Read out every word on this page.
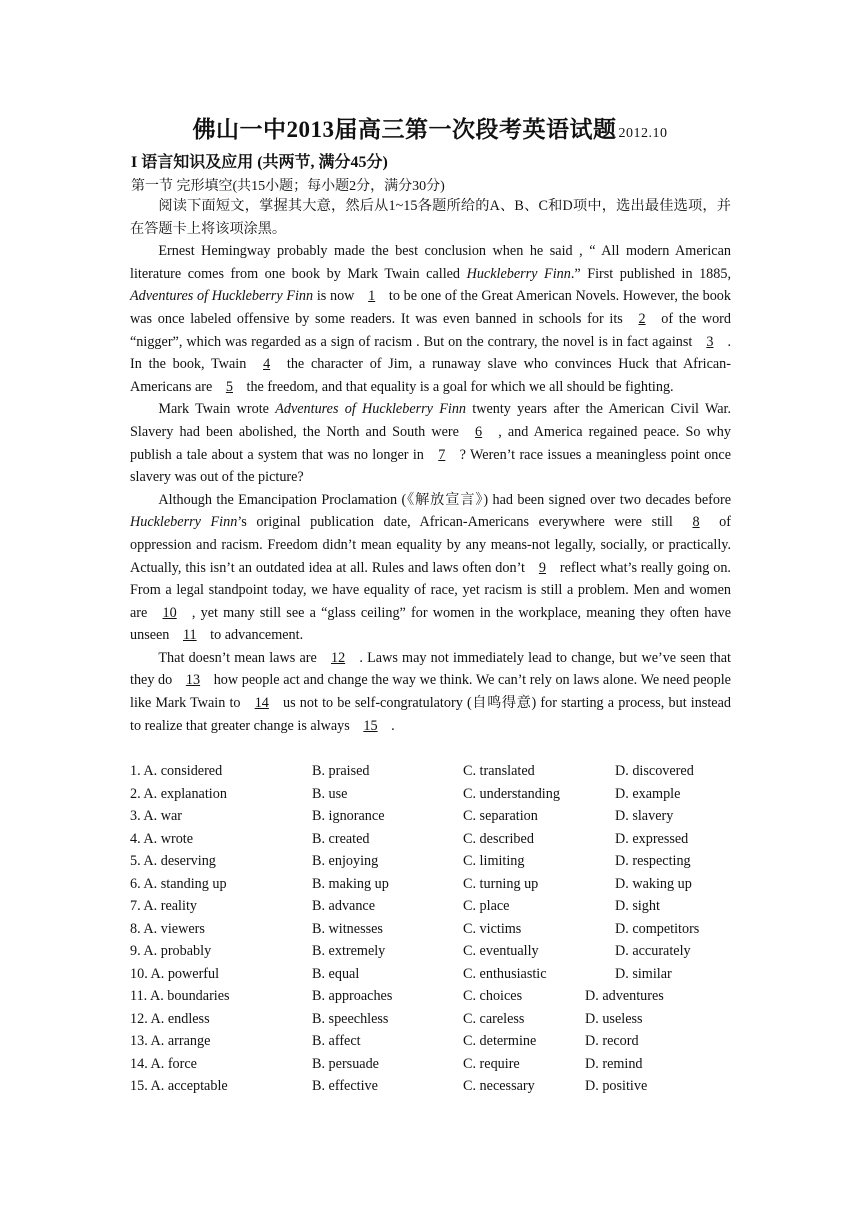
佛山一中2013届高三第一次段考英语试题 2012.10
I 语言知识及应用 (共两节, 满分45分)
第一节 完形填空(共15小题；每小题2分，满分30分)

阅读下面短文，掌握其大意，然后从1~15各题所给的A、B、C和D项中，选出最佳选项，并在答题卡上将该项涂黑。

Ernest Hemingway probably made the best conclusion when he said , “ All modern American literature comes from one book by Mark Twain called Huckleberry Finn.” First published in 1885, Adventures of Huckleberry Finn is now 1 to be one of the Great American Novels. However, the book was once labeled offensive by some readers. It was even banned in schools for its 2 of the word “nigger”, which was regarded as a sign of racism . But on the contrary, the novel is in fact against 3 . In the book, Twain 4 the character of Jim, a runaway slave who convinces Huck that African-Americans are 5 the freedom, and that equality is a goal for which we all should be fighting.

Mark Twain wrote Adventures of Huckleberry Finn twenty years after the American Civil War. Slavery had been abolished, the North and South were 6 , and America regained peace. So why publish a tale about a system that was no longer in 7 ? Weren’t race issues a meaningless point once slavery was out of the picture?

Although the Emancipation Proclamation (《解放宣言》) had been signed over two decades before Huckleberry Finn’s original publication date, African-Americans everywhere were still 8 of oppression and racism. Freedom didn’t mean equality by any means-not legally, socially, or practically. Actually, this isn’t an outdated idea at all. Rules and laws often don’t 9 reflect what’s really going on. From a legal standpoint today, we have equality of race, yet racism is still a problem. Men and women are 10 , yet many still see a “glass ceiling” for women in the workplace, meaning they often have unseen 11 to advancement.

That doesn’t mean laws are 12 . Laws may not immediately lead to change, but we’ve seen that they do 13 how people act and change the way we think. We can’t rely on laws alone. We need people like Mark Twain to 14 us not to be self-congratulatory (自鸣得意) for starting a process, but instead to realize that greater change is always 15 .

1. A. considered	B. praised	C. translated	D. discovered
2. A. explanation	B. use	C. understanding	D. example
3. A. war	B. ignorance	C. separation	D. slavery
4. A. wrote	B. created	C. described	D. expressed
5. A. deserving	B. enjoying	C. limiting	D. respecting
6. A. standing up	B. making up	C. turning up	D. waking up
7. A. reality	B. advance	C. place	D. sight
8. A. viewers	B. witnesses	C. victims	D. competitors
9. A. probably	B. extremely	C. eventually	D. accurately
10. A. powerful	B. equal	C. enthusiastic	D. similar
11. A. boundaries	B. approaches	C. choices	D. adventures
12. A. endless	B. speechless	C. careless	D. useless
13. A. arrange	B. affect	C. determine	D. record
14. A. force	B. persuade	C. require	D. remind
15. A. acceptable	B. effective	C. necessary	D. positive
